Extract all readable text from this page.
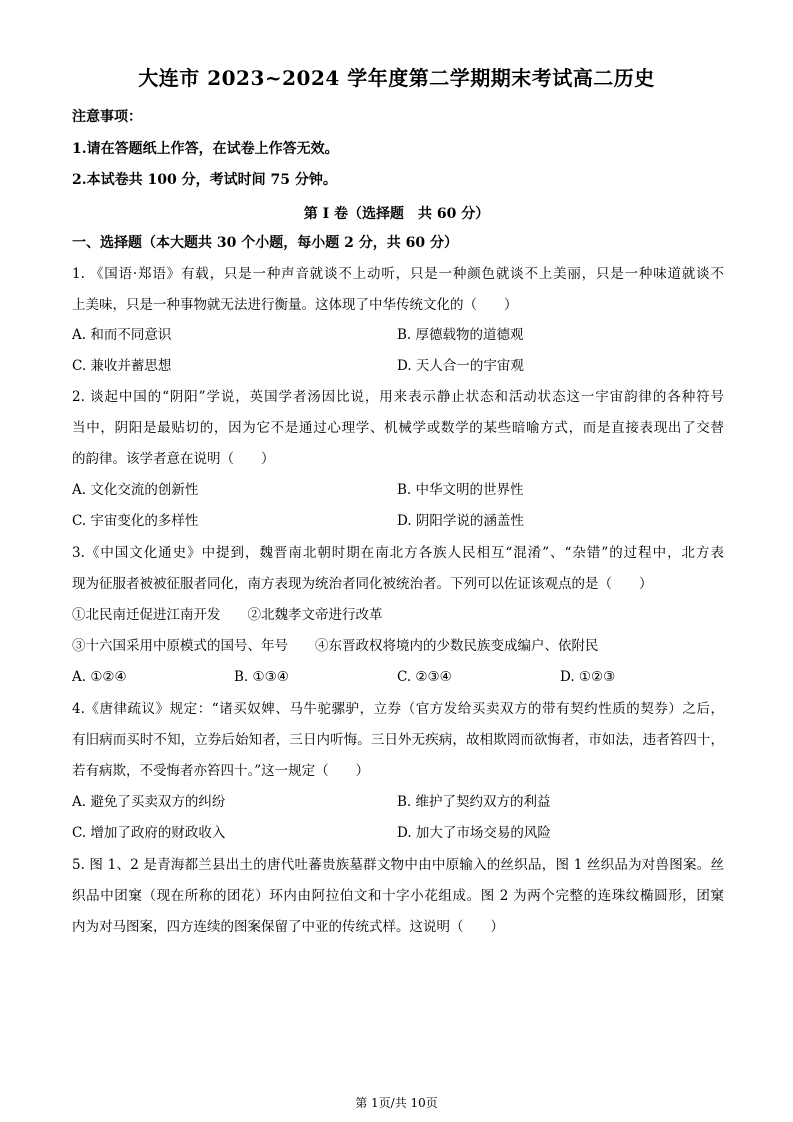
大连市 2023~2024 学年度第二学期期末考试高二历史
注意事项：
1.请在答题纸上作答，在试卷上作答无效。
2.本试卷共 100 分，考试时间 75 分钟。
第 I 卷（选择题　共 60 分）
一、选择题（本大题共 30 个小题，每小题 2 分，共 60 分）
1. 《国语·郑语》有载，只是一种声音就谈不上动听，只是一种颜色就谈不上美丽，只是一种味道就谈不
上美味，只是一种事物就无法进行衡量。这体现了中华传统文化的（　　）
A. 和而不同意识	B. 厚德载物的道德观
C. 兼收并蓄思想	D. 天人合一的宇宙观
2. 谈起中国的“阴阳”学说，英国学者汤因比说，用来表示静止状态和活动状态这一宇宙韵律的各种符号
当中，阴阳是最贴切的，因为它不是通过心理学、机械学或数学的某些暗喻方式，而是直接表现出了交替
的韵律。该学者意在说明（　　）
A. 文化交流的创新性	B. 中华文明的世界性
C. 宇宙变化的多样性	D. 阴阳学说的涵盖性
3.《中国文化通史》中提到，魏晋南北朝时期在南北方各族人民相互“混淆”、“杂错”的过程中，北方表
现为征服者被被征服者同化，南方表现为统治者同化被统治者。下列可以佐证该观点的是（　　）
①北民南迁促进江南开发　　②北魏孝文帝进行改革
③十六国采用中原模式的国号、年号　　④东晋政权将境内的少数民族变成编户、依附民
A. ①②④	B. ①③④	C. ②③④	D. ①②③
4.《唐律疏议》规定：“诸买奴婢、马牛驼骡驴，立券（官方发给买卖双方的带有契约性质的契券）之后，
有旧病而买时不知，立券后始知者，三日内听悔。三日外无疾病，故相欺罔而欲悔者，市如法，违者笞四十，
若有病欺，不受悔者亦笞四十。”这一规定（　　）
A. 避免了买卖双方的纠纷	B. 维护了契约双方的利益
C. 增加了政府的财政收入	D. 加大了市场交易的风险
5. 图 1、2 是青海都兰县出土的唐代吐蕃贵族墓群文物中由中原输入的丝织品，图 1 丝织品为对兽图案。丝
织品中团窠（现在所称的团花）环内由阿拉伯文和十字小花组成。图 2 为两个完整的连珠纹椭圆形，团窠
内为对马图案，四方连续的图案保留了中亚的传统式样。这说明（　　）
第 1页/共 10页
